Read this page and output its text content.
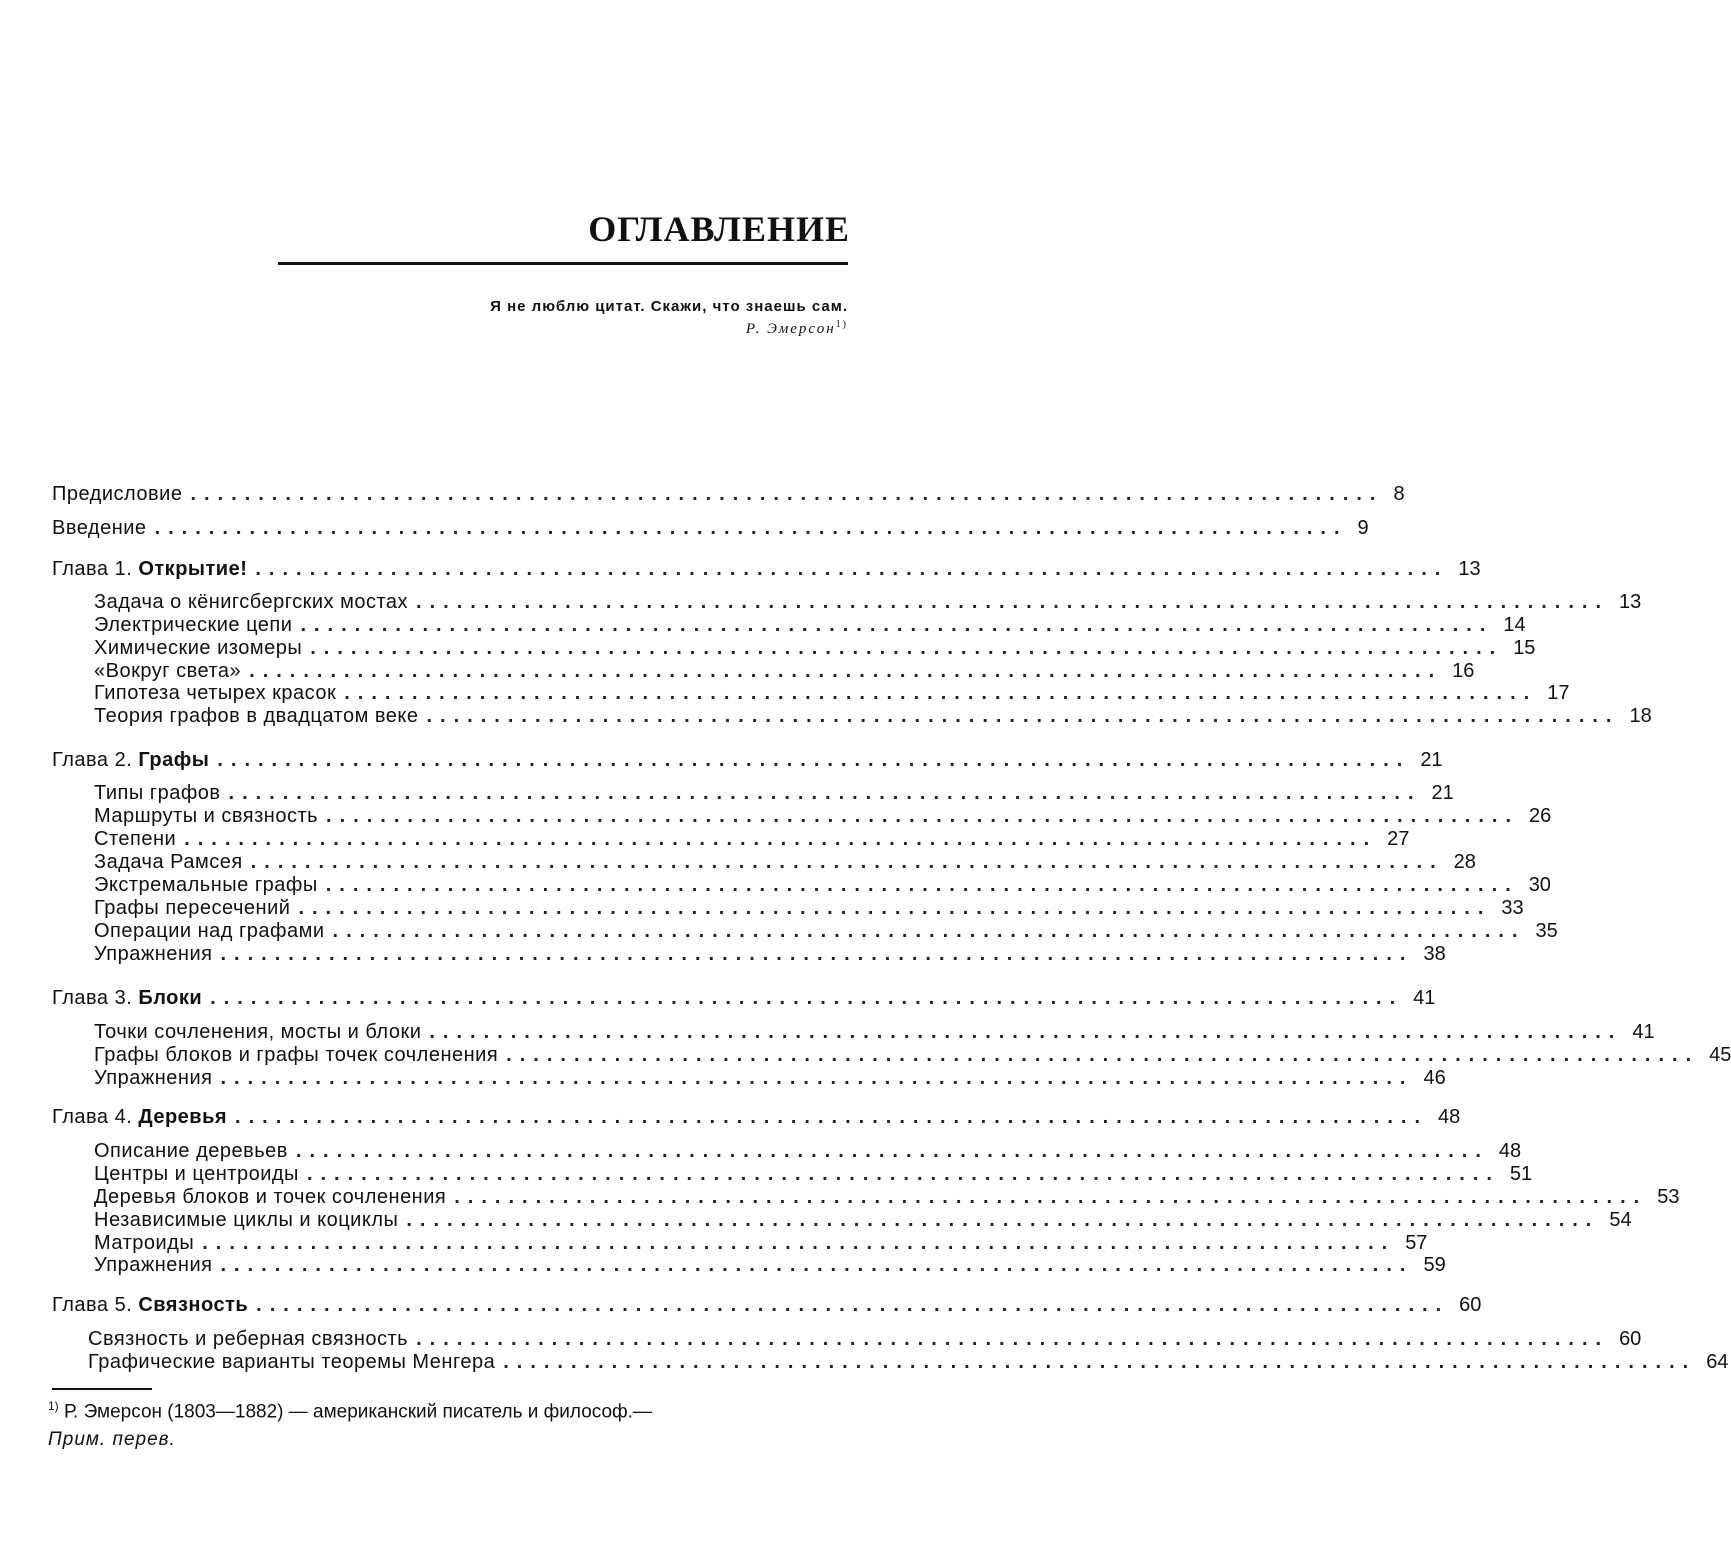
ОГЛАВЛЕНИЕ
Я не люблю цитат. Скажи, что знаешь сам.
Р. Эмерсон$^{1)}$
Предисловие ........................................................................................ 8
Введение ........................................................................................ 9
Глава 1. Открытие! ........................................................................................ 13
Задача о кёнигсбергских мостах ........................................................................................ 13
Электрические цепи ........................................................................................ 14
Химические изомеры ........................................................................................ 15
«Вокруг света» ........................................................................................ 16
Гипотеза четырех красок ........................................................................................ 17
Теория графов в двадцатом веке ........................................................................................ 18
Глава 2. Графы ........................................................................................ 21
Типы графов ........................................................................................ 21
Маршруты и связность ........................................................................................ 26
Степени ........................................................................................ 27
Задача Рамсея ........................................................................................ 28
Экстремальные графы ........................................................................................ 30
Графы пересечений ........................................................................................ 33
Операции над графами ........................................................................................ 35
Упражнения ........................................................................................ 38
Глава 3. Блоки ........................................................................................ 41
Точки сочленения, мосты и блоки ........................................................................................ 41
Графы блоков и графы точек сочленения ........................................................................................ 45
Упражнения ........................................................................................ 46
Глава 4. Деревья ........................................................................................ 48
Описание деревьев ........................................................................................ 48
Центры и центроиды ........................................................................................ 51
Деревья блоков и точек сочленения ........................................................................................ 53
Независимые циклы и коциклы ........................................................................................ 54
Матроиды ........................................................................................ 57
Упражнения ........................................................................................ 59
Глава 5. Связность ........................................................................................ 60
Связность и реберная связность ........................................................................................ 60
Графические варианты теоремы Менгера ........................................................................................ 64
$^{1)}$ Р. Эмерсон (1803—1882) — американский писатель и философ.—
Прим. перев.
